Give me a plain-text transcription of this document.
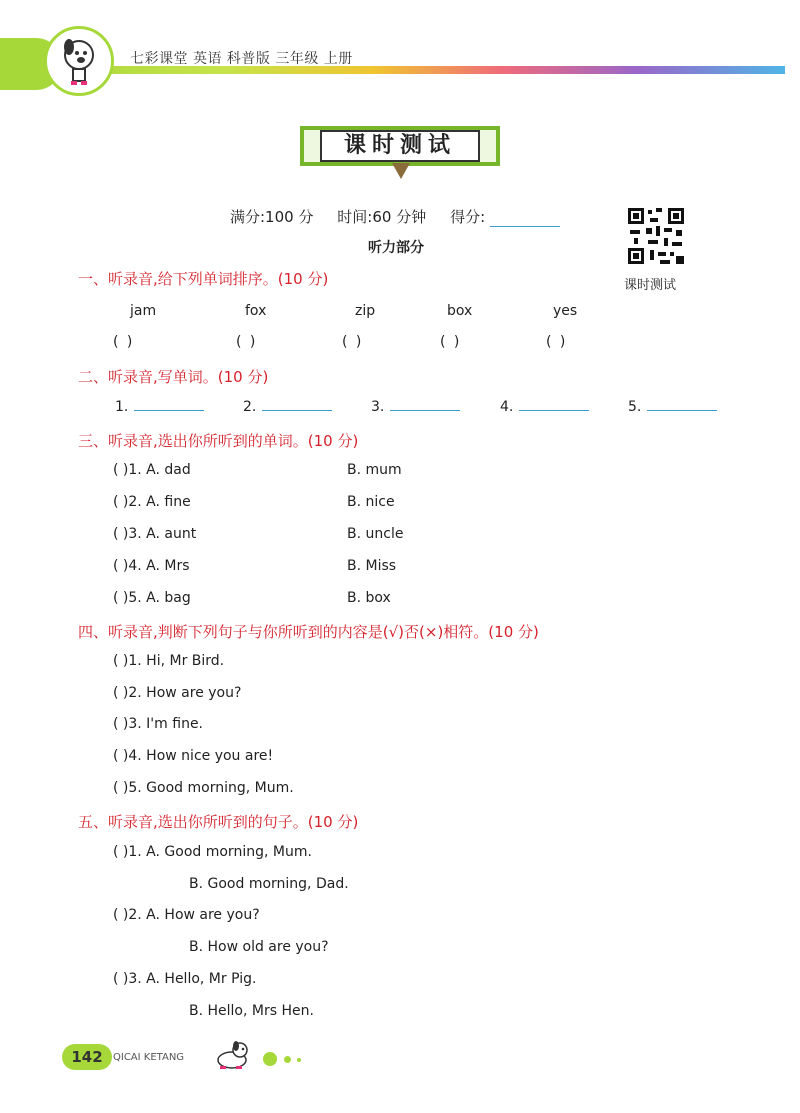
七彩课堂 英语 科普版 三年级 上册
课时测试
满分:100 分 时间:60 分钟 得分:
课时测试
听力部分
一、听录音,给下列单词排序。(10 分)
jam	fox	zip	box	yes
( )	( )	( )	( )	( )
二、听录音,写单词。(10 分)
1.	2.	3.	4.	5.
三、听录音,选出你所听到的单词。(10 分)
( )1. A. dad	B. mum
( )2. A. fine	B. nice
( )3. A. aunt	B. uncle
( )4. A. Mrs	B. Miss
( )5. A. bag	B. box
四、听录音,判断下列句子与你所听到的内容是(√)否(×)相符。(10 分)
( )1. Hi, Mr Bird.
( )2. How are you?
( )3. I'm fine.
( )4. How nice you are!
( )5. Good morning, Mum.
五、听录音,选出你所听到的句子。(10 分)
( )1. A. Good morning, Mum.
B. Good morning, Dad.
( )2. A. How are you?
B. How old are you?
( )3. A. Hello, Mr Pig.
B. Hello, Mrs Hen.
142	QICAI KETANG
